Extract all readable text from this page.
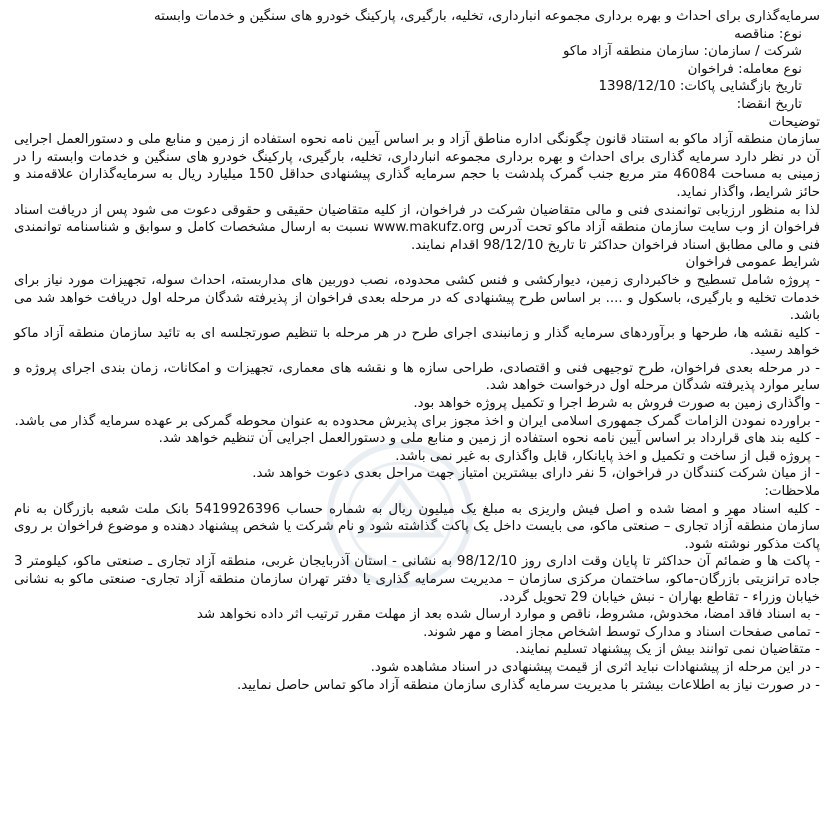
سرمایه‌گذاری برای احداث و بهره برداری مجموعه انبارداری، تخلیه، بارگیری، پارکینگ خودرو های سنگین و خدمات وابسته

نوع: مناقصه

شرکت / سازمان: سازمان منطقه آزاد ماکو

نوع معامله: فراخوان

تاریخ بازگشایی پاکات: 1398/12/10

تاریخ انقضا:

توضیحات

سازمان منطقه آزاد ماکو به استناد قانون چگونگی اداره مناطق آزاد و بر اساس آیین نامه نحوه استفاده از زمین و منابع ملی و دستورالعمل اجرایی آن در نظر دارد سرمایه گذاری برای احداث و بهره برداری مجموعه انبارداری، تخلیه، بارگیری، پارکینگ خودرو های سنگین و خدمات وابسته را در زمینی به مساحت 46084 متر مربع جنب گمرک پلدشت با حجم سرمایه گذاری پیشنهادی حداقل 150 میلیارد ریال به سرمایه‌گذاران علاقه‌مند و حائز شرایط، واگذار نماید.

لذا به منظور ارزیابی توانمندی فنی و مالی متقاضیان شرکت در فراخوان، از کلیه متقاضیان حقیقی و حقوقی دعوت می شود پس از دریافت اسناد فراخوان از وب سایت سازمان منطقه آزاد ماکو تحت آدرس www.makufz.org نسبت به ارسال مشخصات کامل و سوابق و شناسنامه توانمندی فنی و مالی مطابق اسناد فراخوان حداکثر تا تاریخ 98/12/10 اقدام نمایند.

شرایط عمومی فراخوان

- پروژه شامل تسطیح و خاکبرداری زمین، دیوارکشی و فنس کشی محدوده، نصب دوربین های مداربسته، احداث سوله، تجهیزات مورد نیاز برای خدمات تخلیه و بارگیری، باسکول و .... بر اساس طرح پیشنهادی که در مرحله بعدی فراخوان از پذیرفته شدگان مرحله اول دریافت خواهد شد می باشد.

- کلیه نقشه ها، طرحها و برآوردهای سرمایه گذار و زمانبندی اجرای طرح در هر مرحله با تنظیم صورتجلسه ای به تائید سازمان منطقه آزاد ماکو خواهد رسید.

- در مرحله بعدی فراخوان، طرح توجیهی فنی و اقتصادی، طراحی سازه ها و نقشه های معماری، تجهیزات و امکانات، زمان بندی اجرای پروژه و سایر موارد پذیرفته شدگان مرحله اول درخواست خواهد شد.

- واگذاری زمین به صورت فروش به شرط اجرا و تکمیل پروژه خواهد بود.

- براورده نمودن الزامات گمرک جمهوری اسلامی ایران و اخذ مجوز برای پذیرش محدوده به عنوان محوطه گمرکی بر عهده سرمایه گذار می باشد.

- کلیه بند های قرارداد بر اساس آیین نامه نحوه استفاده از زمین و منابع ملی و دستورالعمل اجرایی آن تنظیم خواهد شد.

- پروژه قبل از ساخت و تکمیل و اخذ پایانکار، قابل واگذاری به غیر نمی باشد.

- از میان شرکت کنندگان در فراخوان، 5 نفر دارای بیشترین امتیاز جهت مراحل بعدی دعوت خواهد شد.

ملاحظات:

- کلیه اسناد مهر و امضا شده و اصل فیش واریزی به مبلغ یک میلیون ریال به شماره حساب 5419926396 بانک ملت شعبه بازرگان به نام سازمان منطقه آزاد تجاری – صنعتی ماکو، می بایست داخل یک پاکت گذاشته شود و نام شرکت یا شخص پیشنهاد دهنده و موضوع فراخوان بر روی پاکت مذکور نوشته شود.

- پاکت ها و ضمائم آن حداکثر تا پایان وقت اداری روز 98/12/10 به نشانی - استان آذربایجان غربی، منطقه آزاد تجاری ـ صنعتی ماکو، کیلومتر 3 جاده ترانزیتی بازرگان-ماکو، ساختمان مرکزی سازمان – مدیریت سرمایه گذاری یا دفتر تهران سازمان منطقه آزاد تجاری- صنعتی ماکو به نشانی خیابان وزراء - تقاطع بهاران - نبش خیابان 29 تحویل گردد.

- به اسناد فاقد امضا، مخدوش، مشروط، ناقص و موارد ارسال شده بعد از مهلت مقرر ترتیب اثر داده نخواهد شد

- تمامی صفحات اسناد و مدارک توسط اشخاص مجاز امضا و مهر شوند.

- متقاضیان نمی توانند بیش از یک پیشنهاد تسلیم نمایند.

- در این مرحله از پیشنهادات نباید اثری از قیمت پیشنهادی در اسناد مشاهده شود.

- در صورت نیاز به اطلاعات بیشتر با مدیریت سرمایه گذاری سازمان منطقه آزاد ماکو تماس حاصل نمایید.
